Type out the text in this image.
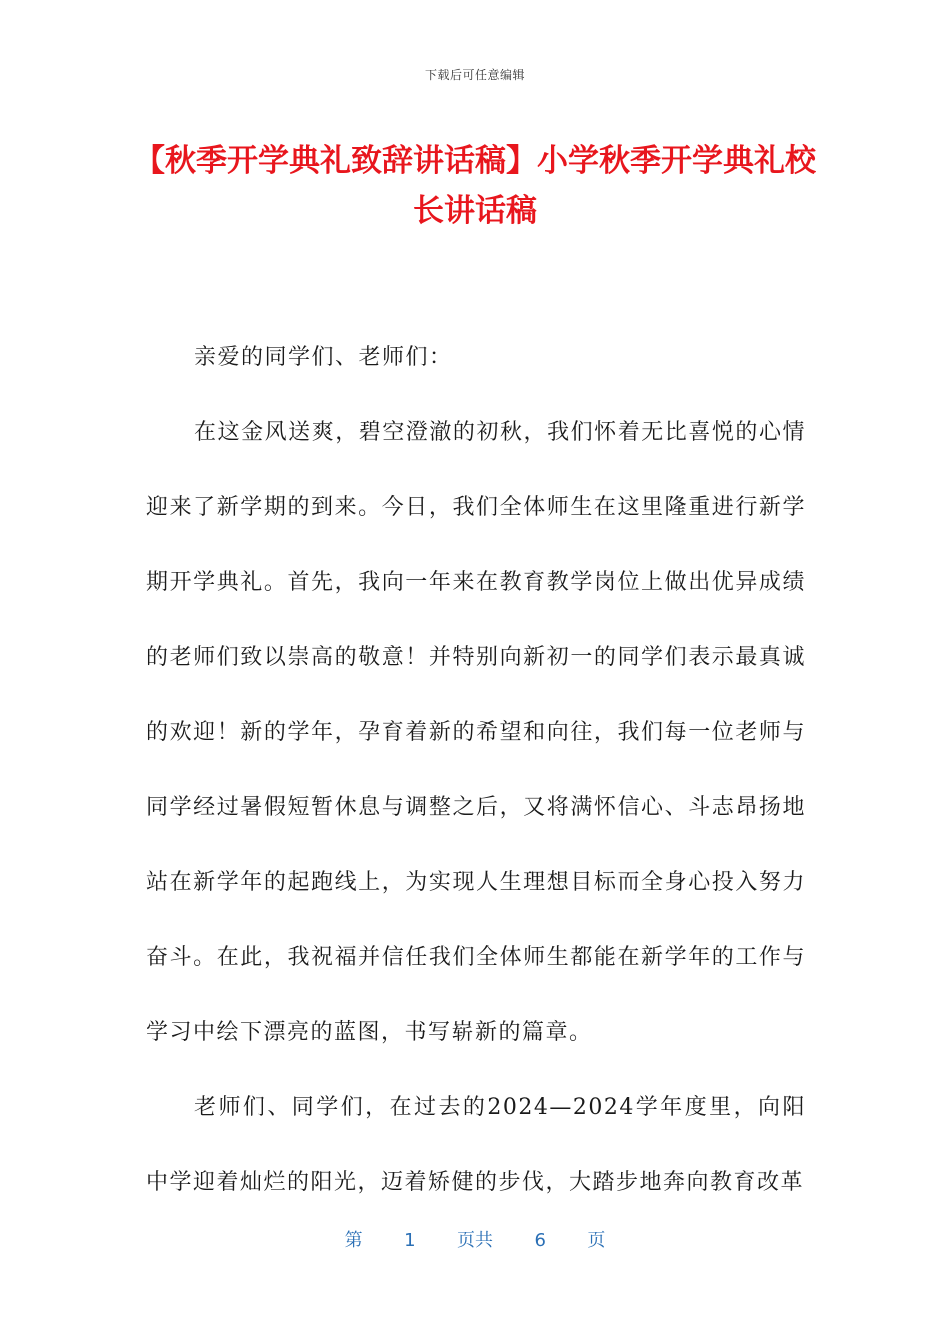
下载后可任意编辑
【秋季开学典礼致辞讲话稿】小学秋季开学典礼校长讲话稿

亲爱的同学们、老师们：

在这金风送爽，碧空澄澈的初秋，我们怀着无比喜悦的心情迎来了新学期的到来。今日，我们全体师生在这里隆重进行新学期开学典礼。首先，我向一年来在教育教学岗位上做出优异成绩的老师们致以崇高的敬意！并特别向新初一的同学们表示最真诚的欢迎！新的学年，孕育着新的希望和向往，我们每一位老师与同学经过暑假短暂休息与调整之后，又将满怀信心、斗志昂扬地站在新学年的起跑线上，为实现人生理想目标而全身心投入努力奋斗。在此，我祝福并信任我们全体师生都能在新学年的工作与学习中绘下漂亮的蓝图，书写崭新的篇章。

老师们、同学们，在过去的2024—2024学年度里，向阳中学迎着灿烂的阳光，迈着矫健的步伐，大踏步地奔向教育改革

第 1 页共 6 页
